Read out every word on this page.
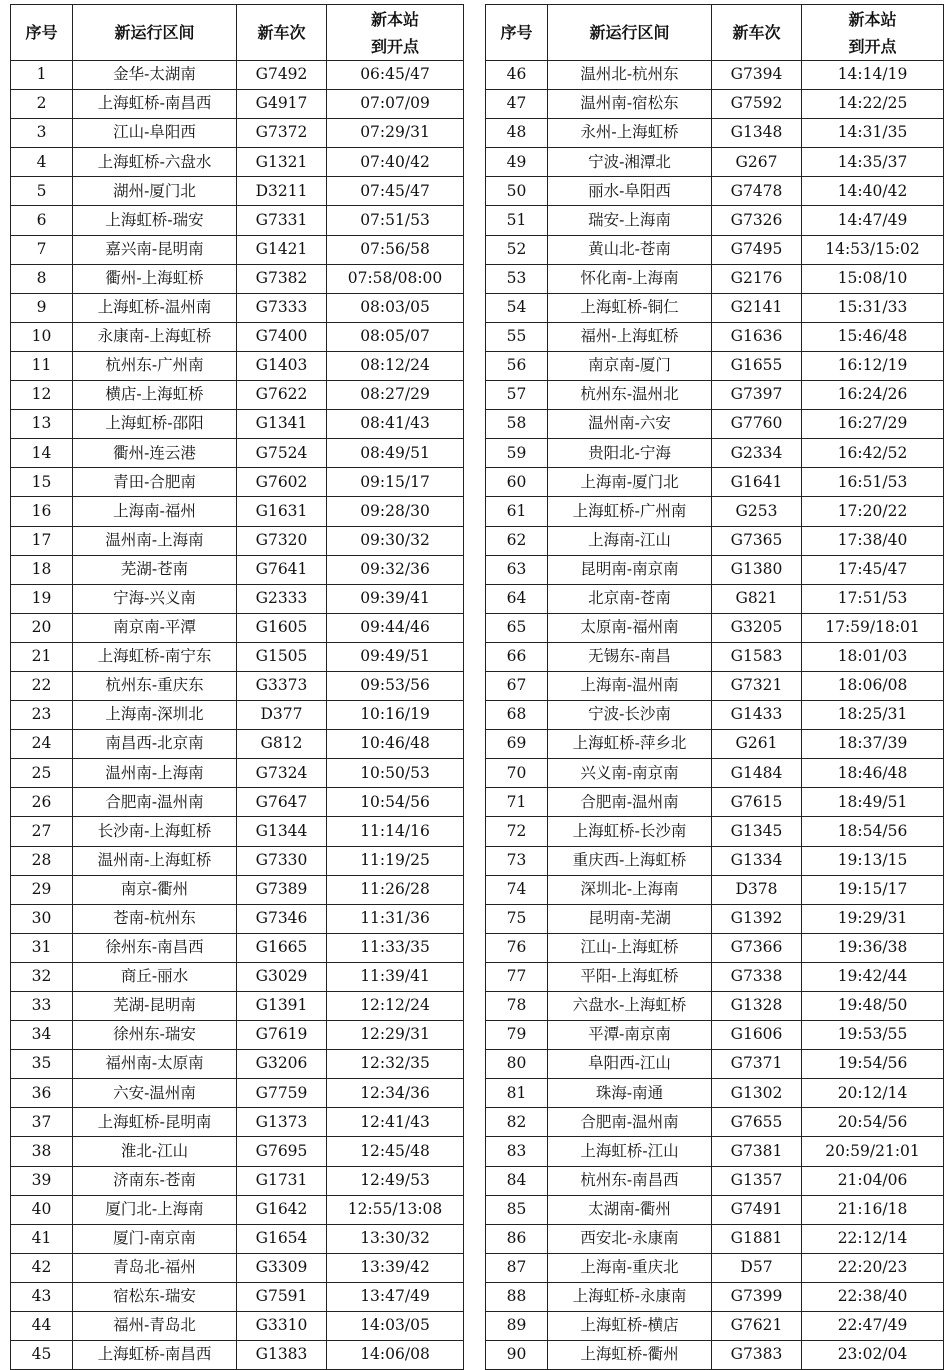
序号	新运行区间	新车次	新本站
到开点

1	金华-太湖南	G7492	06:45/47
2	上海虹桥-南昌西	G4917	07:07/09
3	江山-阜阳西	G7372	07:29/31
4	上海虹桥-六盘水	G1321	07:40/42
5	湖州-厦门北	D3211	07:45/47
6	上海虹桥-瑞安	G7331	07:51/53
7	嘉兴南-昆明南	G1421	07:56/58
8	衢州-上海虹桥	G7382	07:58/08:00
9	上海虹桥-温州南	G7333	08:03/05
10	永康南-上海虹桥	G7400	08:05/07
11	杭州东-广州南	G1403	08:12/24
12	横店-上海虹桥	G7622	08:27/29
13	上海虹桥-邵阳	G1341	08:41/43
14	衢州-连云港	G7524	08:49/51
15	青田-合肥南	G7602	09:15/17
16	上海南-福州	G1631	09:28/30
17	温州南-上海南	G7320	09:30/32
18	芜湖-苍南	G7641	09:32/36
19	宁海-兴义南	G2333	09:39/41
20	南京南-平潭	G1605	09:44/46
21	上海虹桥-南宁东	G1505	09:49/51
22	杭州东-重庆东	G3373	09:53/56
23	上海南-深圳北	D377	10:16/19
24	南昌西-北京南	G812	10:46/48
25	温州南-上海南	G7324	10:50/53
26	合肥南-温州南	G7647	10:54/56
27	长沙南-上海虹桥	G1344	11:14/16
28	温州南-上海虹桥	G7330	11:19/25
29	南京-衢州	G7389	11:26/28
30	苍南-杭州东	G7346	11:31/36
31	徐州东-南昌西	G1665	11:33/35
32	商丘-丽水	G3029	11:39/41
33	芜湖-昆明南	G1391	12:12/24
34	徐州东-瑞安	G7619	12:29/31
35	福州南-太原南	G3206	12:32/35
36	六安-温州南	G7759	12:34/36
37	上海虹桥-昆明南	G1373	12:41/43
38	淮北-江山	G7695	12:45/48
39	济南东-苍南	G1731	12:49/53
40	厦门北-上海南	G1642	12:55/13:08
41	厦门-南京南	G1654	13:30/32
42	青岛北-福州	G3309	13:39/42
43	宿松东-瑞安	G7591	13:47/49
44	福州-青岛北	G3310	14:03/05
45	上海虹桥-南昌西	G1383	14:06/08
序号	新运行区间	新车次	新本站
到开点

46	温州北-杭州东	G7394	14:14/19
47	温州南-宿松东	G7592	14:22/25
48	永州-上海虹桥	G1348	14:31/35
49	宁波-湘潭北	G267	14:35/37
50	丽水-阜阳西	G7478	14:40/42
51	瑞安-上海南	G7326	14:47/49
52	黄山北-苍南	G7495	14:53/15:02
53	怀化南-上海南	G2176	15:08/10
54	上海虹桥-铜仁	G2141	15:31/33
55	福州-上海虹桥	G1636	15:46/48
56	南京南-厦门	G1655	16:12/19
57	杭州东-温州北	G7397	16:24/26
58	温州南-六安	G7760	16:27/29
59	贵阳北-宁海	G2334	16:42/52
60	上海南-厦门北	G1641	16:51/53
61	上海虹桥-广州南	G253	17:20/22
62	上海南-江山	G7365	17:38/40
63	昆明南-南京南	G1380	17:45/47
64	北京南-苍南	G821	17:51/53
65	太原南-福州南	G3205	17:59/18:01
66	无锡东-南昌	G1583	18:01/03
67	上海南-温州南	G7321	18:06/08
68	宁波-长沙南	G1433	18:25/31
69	上海虹桥-萍乡北	G261	18:37/39
70	兴义南-南京南	G1484	18:46/48
71	合肥南-温州南	G7615	18:49/51
72	上海虹桥-长沙南	G1345	18:54/56
73	重庆西-上海虹桥	G1334	19:13/15
74	深圳北-上海南	D378	19:15/17
75	昆明南-芜湖	G1392	19:29/31
76	江山-上海虹桥	G7366	19:36/38
77	平阳-上海虹桥	G7338	19:42/44
78	六盘水-上海虹桥	G1328	19:48/50
79	平潭-南京南	G1606	19:53/55
80	阜阳西-江山	G7371	19:54/56
81	珠海-南通	G1302	20:12/14
82	合肥南-温州南	G7655	20:54/56
83	上海虹桥-江山	G7381	20:59/21:01
84	杭州东-南昌西	G1357	21:04/06
85	太湖南-衢州	G7491	21:16/18
86	西安北-永康南	G1881	22:12/14
87	上海南-重庆北	D57	22:20/23
88	上海虹桥-永康南	G7399	22:38/40
89	上海虹桥-横店	G7621	22:47/49
90	上海虹桥-衢州	G7383	23:02/04
